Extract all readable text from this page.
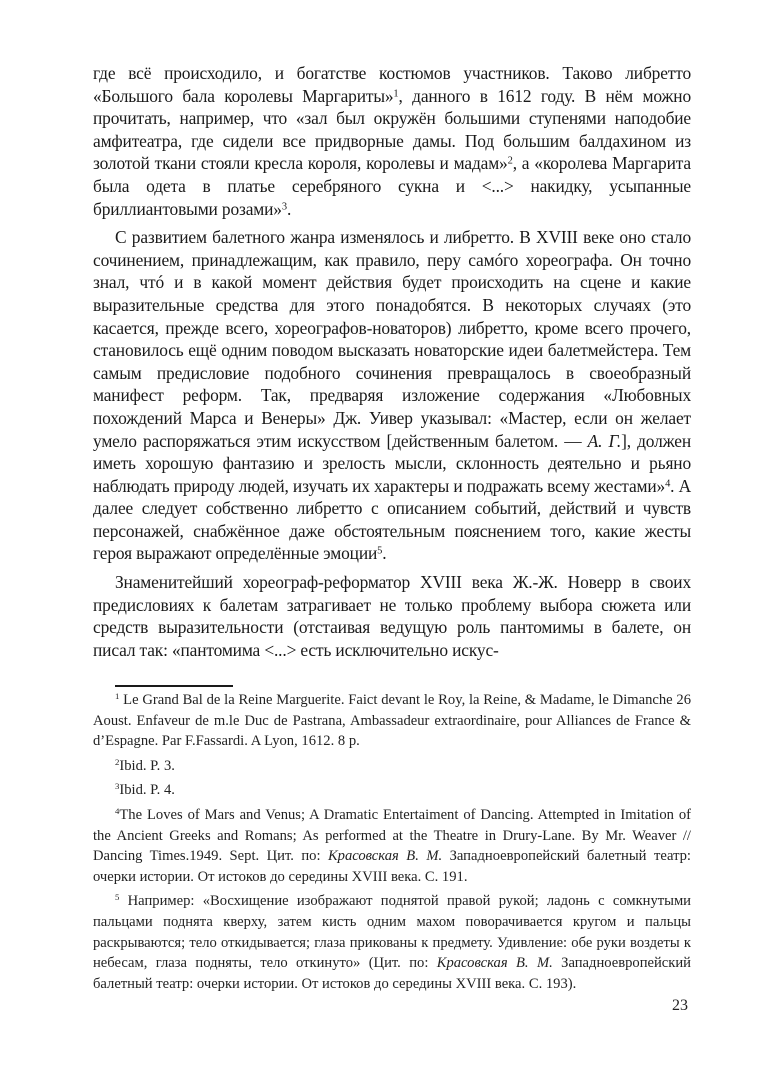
где всё происходило, и богатстве костюмов участников. Таково либретто «Большого бала королевы Маргариты»$^1$, данного в 1612 году. В нём можно прочитать, например, что «зал был окружён большими ступенями наподобие амфитеатра, где сидели все придворные дамы. Под большим балдахином из золотой ткани стояли кресла короля, королевы и мадам»$^2$, а «королева Маргарита была одета в платье серебряного сукна и <...> накидку, усыпанные бриллиантовыми розами»$^3$.

С развитием балетного жанра изменялось и либретто. В XVIII веке оно стало сочинением, принадлежащим, как правило, перу самóго хореографа. Он точно знал, чтó и в какой момент действия будет происходить на сцене и какие выразительные средства для этого понадобятся. В некоторых случаях (это касается, прежде всего, хореографов-новаторов) либретто, кроме всего прочего, становилось ещё одним поводом высказать новаторские идеи балетмейстера. Тем самым предисловие подобного сочинения превращалось в своеобразный манифест реформ. Так, предваряя изложение содержания «Любовных похождений Марса и Венеры» Дж. Уивер указывал: «Мастер, если он желает умело распоряжаться этим искусством [действенным балетом. — А. Г.], должен иметь хорошую фантазию и зрелость мысли, склонность деятельно и рьяно наблюдать природу людей, изучать их характеры и подражать всему жестами»$^4$. А далее следует собственно либретто с описанием событий, действий и чувств персонажей, снабжённое даже обстоятельным пояснением того, какие жесты героя выражают определённые эмоции$^5$.

Знаменитейший хореограф-реформатор XVIII века Ж.-Ж. Новерр в своих предисловиях к балетам затрагивает не только проблему выбора сюжета или средств выразительности (отстаивая ведущую роль пантомимы в балете, он писал так: «пантомима <...> есть исключительно искус-

$^1$ Le Grand Bal de la Reine Marguerite. Faict devant le Roy, la Reine, & Madame, le Dimanche 26 Aoust. Enfaveur de m.le Duc de Pastrana, Ambassadeur extraordinaire, pour Alliances de France & d’Espagne. Par F.Fassardi. A Lyon, 1612. 8 p.

$^2$Ibid. P. 3.

$^3$Ibid. P. 4.

$^4$The Loves of Mars and Venus; A Dramatic Entertaiment of Dancing. Attempted in Imitation of the Ancient Greeks and Romans; As performed at the Theatre in Drury-Lane. By Mr. Weaver // Dancing Times.1949. Sept. Цит. по: Красовская В. М. Западноевропейский балетный театр: очерки истории. От истоков до середины XVIII века. С. 191.

$^5$ Например: «Восхищение изображают поднятой правой рукой; ладонь с сомкнутыми пальцами поднята кверху, затем кисть одним махом поворачивается кругом и пальцы раскрываются; тело откидывается; глаза прикованы к предмету. Удивление: обе руки воздеты к небесам, глаза подняты, тело откинуто» (Цит. по: Красовская В. М. Западноевропейский балетный театр: очерки истории. От истоков до середины XVIII века. С. 193).

23
